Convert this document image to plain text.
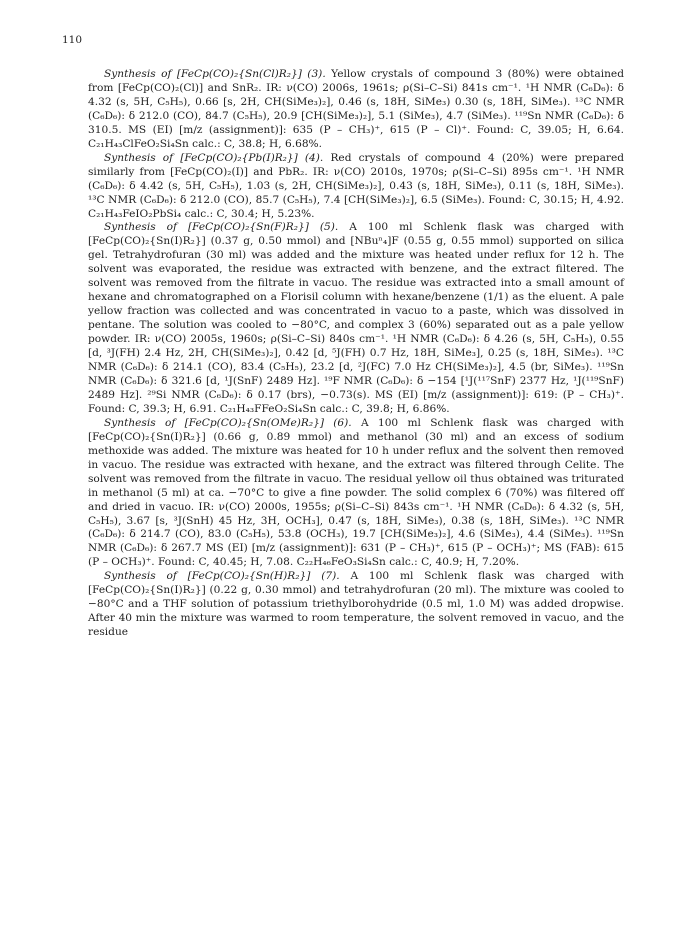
110

Synthesis of [FeCp(CO)₂{Sn(Cl)R₂}] (3). Yellow crystals of compound 3 (80%) were obtained from [FeCp(CO)₂(Cl)] and SnR₂. IR: ν(CO) 2006s, 1961s; ρ(Si–C–Si) 841s cm⁻¹. ¹H NMR (C₆D₆): δ 4.32 (s, 5H, C₅H₅), 0.66 [s, 2H, CH(SiMe₃)₂], 0.46 (s, 18H, SiMe₃) 0.30 (s, 18H, SiMe₃). ¹³C NMR (C₆D₆): δ 212.0 (CO), 84.7 (C₅H₅), 20.9 [CH(SiMe₃)₂], 5.1 (SiMe₃), 4.7 (SiMe₃). ¹¹⁹Sn NMR (C₆D₆): δ 310.5. MS (EI) [m/z (assignment)]: 635 (P – CH₃)⁺, 615 (P – Cl)⁺. Found: C, 39.05; H, 6.64. C₂₁H₄₃ClFeO₂Si₄Sn calc.: C, 38.8; H, 6.68%.

Synthesis of [FeCp(CO)₂{Pb(I)R₂}] (4). Red crystals of compound 4 (20%) were prepared similarly from [FeCp(CO)₂(I)] and PbR₂. IR: ν(CO) 2010s, 1970s; ρ(Si–C–Si) 895s cm⁻¹. ¹H NMR (C₆D₆): δ 4.42 (s, 5H, C₅H₅), 1.03 (s, 2H, CH(SiMe₃)₂], 0.43 (s, 18H, SiMe₃), 0.11 (s, 18H, SiMe₃). ¹³C NMR (C₆D₆): δ 212.0 (CO), 85.7 (C₅H₅), 7.4 [CH(SiMe₃)₂], 6.5 (SiMe₃). Found: C, 30.15; H, 4.92. C₂₁H₄₃FeIO₂PbSi₄ calc.: C, 30.4; H, 5.23%.

Synthesis of [FeCp(CO)₂{Sn(F)R₂}] (5). A 100 ml Schlenk flask was charged with [FeCp(CO)₂{Sn(I)R₂}] (0.37 g, 0.50 mmol) and [NBuⁿ₄]F (0.55 g, 0.55 mmol) supported on silica gel. Tetrahydrofuran (30 ml) was added and the mixture was heated under reflux for 12 h. The solvent was evaporated, the residue was extracted with benzene, and the extract filtered. The solvent was removed from the filtrate in vacuo. The residue was extracted into a small amount of hexane and chromatographed on a Florisil column with hexane/benzene (1/1) as the eluent. A pale yellow fraction was collected and was concentrated in vacuo to a paste, which was dissolved in pentane. The solution was cooled to −80°C, and complex 3 (60%) separated out as a pale yellow powder. IR: ν(CO) 2005s, 1960s; ρ(Si–C–Si) 840s cm⁻¹. ¹H NMR (C₆D₆): δ 4.26 (s, 5H, C₅H₅), 0.55 [d, ³J(FH) 2.4 Hz, 2H, CH(SiMe₃)₂], 0.42 [d, ⁵J(FH) 0.7 Hz, 18H, SiMe₃], 0.25 (s, 18H, SiMe₃). ¹³C NMR (C₆D₆): δ 214.1 (CO), 83.4 (C₅H₅), 23.2 [d, ²J(FC) 7.0 Hz CH(SiMe₃)₂], 4.5 (br, SiMe₃). ¹¹⁹Sn NMR (C₆D₆): δ 321.6 [d, ¹J(SnF) 2489 Hz]. ¹⁹F NMR (C₆D₆): δ −154 [¹J(¹¹⁷SnF) 2377 Hz, ¹J(¹¹⁹SnF) 2489 Hz]. ²⁹Si NMR (C₆D₆): δ 0.17 (brs), −0.73(s). MS (EI) [m/z (assignment)]: 619: (P – CH₃)⁺. Found: C, 39.3; H, 6.91. C₂₁H₄₃FFeO₂Si₄Sn calc.: C, 39.8; H, 6.86%.

Synthesis of [FeCp(CO)₂{Sn(OMe)R₂}] (6). A 100 ml Schlenk flask was charged with [FeCp(CO)₂{Sn(I)R₂}] (0.66 g, 0.89 mmol) and methanol (30 ml) and an excess of sodium methoxide was added. The mixture was heated for 10 h under reflux and the solvent then removed in vacuo. The residue was extracted with hexane, and the extract was filtered through Celite. The solvent was removed from the filtrate in vacuo. The residual yellow oil thus obtained was triturated in methanol (5 ml) at ca. −70°C to give a fine powder. The solid complex 6 (70%) was filtered off and dried in vacuo. IR: ν(CO) 2000s, 1955s; ρ(Si–C–Si) 843s cm⁻¹. ¹H NMR (C₆D₆): δ 4.32 (s, 5H, C₅H₅), 3.67 [s, ³J(SnH) 45 Hz, 3H, OCH₃], 0.47 (s, 18H, SiMe₃), 0.38 (s, 18H, SiMe₃). ¹³C NMR (C₆D₆): δ 214.7 (CO), 83.0 (C₅H₅), 53.8 (OCH₃), 19.7 [CH(SiMe₃)₂], 4.6 (SiMe₃), 4.4 (SiMe₃). ¹¹⁹Sn NMR (C₆D₆): δ 267.7 MS (EI) [m/z (assignment)]: 631 (P – CH₃)⁺, 615 (P – OCH₃)⁺; MS (FAB): 615 (P – OCH₃)⁺. Found: C, 40.45; H, 7.08. C₂₂H₄₆FeO₃Si₄Sn calc.: C, 40.9; H, 7.20%.

Synthesis of [FeCp(CO)₂{Sn(H)R₂}] (7). A 100 ml Schlenk flask was charged with [FeCp(CO)₂{Sn(I)R₂}] (0.22 g, 0.30 mmol) and tetrahydrofuran (20 ml). The mixture was cooled to −80°C and a THF solution of potassium triethylborohydride (0.5 ml, 1.0 M) was added dropwise. After 40 min the mixture was warmed to room temperature, the solvent removed in vacuo, and the residue
